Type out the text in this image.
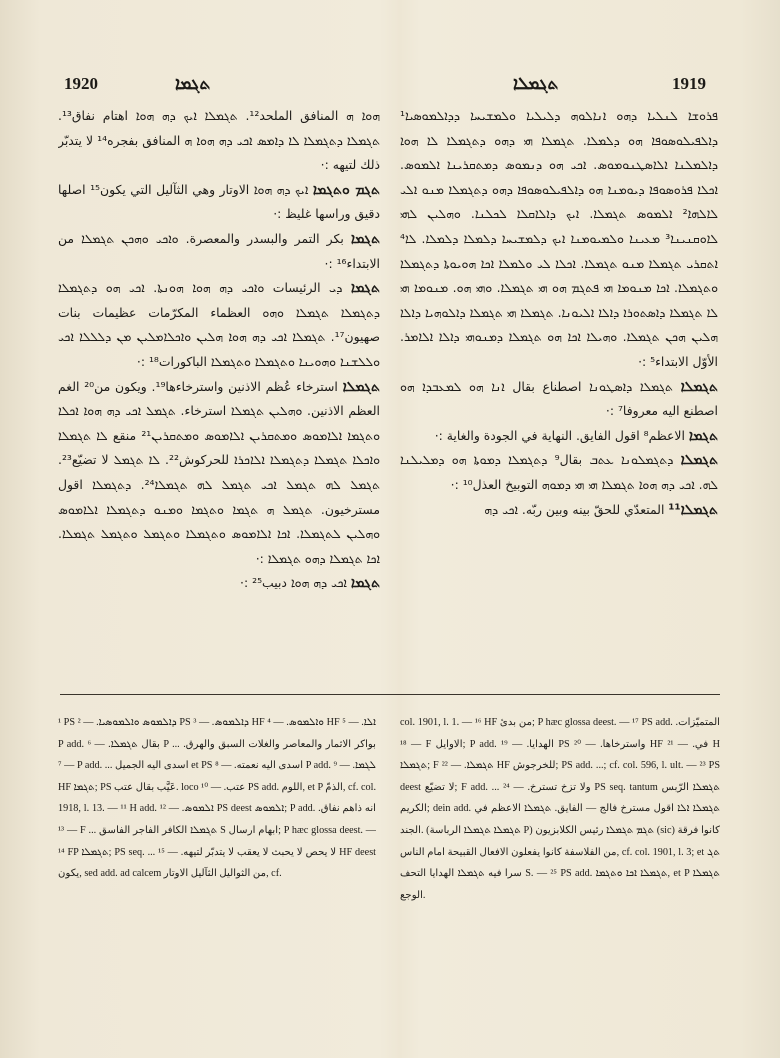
1920	ܬܓܡܐ	ܬܓܡܠܐ	1919

ܦܪܘܫܐ ܠܢܠܝܐ ܕܗܘ ܐܢܐܠܘܗ ܕܠܝܠܝܐ ܘܠܡܫܝܚܐ ܕܕܐܠܡܘܣܝܐ¹ ܕܐܠܦܝܠܘܣܘܦܐ ܗܘ ܕܠܡܠܐ. ܬܓܡܠܐ ܗܝ ܕܗܘ ܕܬܓܡܠܐ ܠܐ ܗܘܐ ܕܐܠܡܠܢܐ ܐܠܐܣܛܢܘܡܘܣ. ܐܟܝ ܗܘ ܕܢܡܘܣ ܕܡܬܩܪܝܢܐ ܐܠܡܘܣ. ܐܟܠܐ ܦܪܘܣܘܦܐ ܕܝܘܡܢܐ ܗܘ ܕܐܠܦܝܠܘܣܘܦܐ ܕܗܘ ܕܬܓܡܠܐ ܡܢܘ ܐܠܝ ܠܐܠܗܐ² ܐܠܡܘܣ ܬܓܡܠܐ. ܐܝܟ ܕܐܠܐܩܠܐ ܠܟܠܢܐ. ܘܗܠܝܢ ܠܗܝ ܠܐܘܩܢܝܢܐ³ ܡܥܝܢܐ ܘܠܡܝܘܡܢܐ ܐܝܟ ܕܠܡܫܝܚܐ ܕܠܡܠܐ ܕܠܡܠܐ. ܠܐ⁴ ܐܬܩܪܝ ܬܓܡܠܐ ܡܢܘ ܬܓܡܠܐ. ܐܟܠܐ ܠܝ ܘܠܡܠܐ ܐܟܐ ܗܘܝܘܬܐ ܕܬܓܡܠܐ ܘܬܓܡܠܐ. ܐܟܐ ܡܢܘܡܐ ܗܝ ܦܬܓܡ ܗܘ ܗܝ ܬܓܡܠܐ. ܘܗܝ ܗܘ. ܡܢܘܡܐ ܗܝ ܠܐ ܬܓܡܠܐ ܕܐܣܬܘܪܐ ܕܐܠܐ ܐܠܝܘܢܐ. ܬܓܡܠܐ ܗܝ ܬܓܡܠܐ ܕܐܠܘܗܝܐ ܕܐܠܐ ܗܠܝܢ ܗܟܢ ܬܓܡܠܐ. ܘܗܝܠܐ ܐܟܐ ܗܘ ܬܓܡܠܐ ܕܡܢܘܗܝ ܕܐܠܐ ܐܠܐܡܪ. الأوّل الابتداء⁵ :·

ܬܓܡܠܐ ܬܓܡܠܐ ܕܐܣܛܘܢܐ اصطناع بقال ܐܢܐ ܗܘ ܠܡܥܒܕܐ ܗܘ اصطنع اليه معروفا⁷ :·

ܬܓܡܐ الاعظم⁸ اقول الفايق. النهاية في الجودة والغاية :·

ܬܓܡܠܐ ܕܬܓܡܠܘܢܐ ܥܬܒ بقال⁹ ܕܬܓܡܠܐ ܕܡܘܬܐ ܗܘ ܕܡܠܝܠܢܐ ܠܗ. ܐܟܝ ܕܗ ܗܘܐ ܬܓܡܠܐ ܗܝ ܗܝ ܕܡܘܗ التوبيخ العذل¹⁰ :·

ܬܓܡܠܐ¹¹ المتعدّي للحقّ بينه وبين ربّه. ܐܟܝ ܕܗ

ܗܘܐ ܗ المنافق الملحد¹². ܬܓܡܠܐ ܐܝܟ ܕܗ ܗܘܐ اهتام نفاق¹³. ܬܓܡܠܐ ܕܬܓܡܠܐ ܠܐ ܕܐܡܣ ܐܟܝ ܕܗ ܗܘܐ ܗ المنافق بفجره¹⁴ لا يتدبّر ذلك لتيهه :·

ܬܓܡ ܘܬܓܡܐ ܐܝܟ ܕܗ ܗܘܐ الاوتار وهي الثآليل التي يكون¹⁵ اصلها دقيق وراسها غليظ :·

ܬܓܡܐ بكر التمر والبسدر والمعصرة. ܘܐܟܝ ܘܗܟܢ ܬܓܡܠܐ من الابتداء¹⁶ :·

ܬܓܡܐ ܕܝ الرئيسات ܘܐܟܝ ܕܗ ܗܘܐ ܗܘܢܬܐ. ܐܟܝ ܗܘ ܕܬܓܡܠܐ ܕܬܓܡܠܐ ܬܓܡܠܐ ܘܗܘ العظماء المكرّمات عظيمات بنات صهيون¹⁷. ܬܓܡܠܐ ܐܟܝ ܕܗ ܗܘܐ ܗܠܝܢ ܘܐܟܠܐܡܠܝܢ ܡܢ ܕܠܠܠܐ ܐܟܝ ܘܠܠܫܢܐ ܘܗܘܝܢܐ ܘܬܓܡܠܐ ܘܬܓܡܠܐ الباكورات¹⁸ :·

ܬܓܡܠܐ استرخاء عُظم الاذنين واسترخاءها¹⁹. ويكون من²⁰ الغم العظم الاذنين. ܘܗܠܝܢ ܬܓܡܠܐ استرخاء. ܬܓܡܠ ܐܟܝ ܕܗ ܗܘܐ ܐܟܠܐ ܘܬܓܡܐ ܐܠܐܡܘܣ ܘܡܬܩܪܝܢ ܐܠܐܡܘܣ ܘܡܬܩܪܝܢ²¹ منقع ܠܐ ܬܓܡܠܐ ܘܐܟܠܐ ܬܓܡܠܐ ܕܬܓܡܠܐ ܐܠܐܟܪܐ للحركوش²². ܠܐ ܬܓܡܠ لا تضيّع²³. ܬܓܡܠ ܠܗ ܬܓܡܠ ܐܟܝ ܬܓܡܠ ܠܗ ܬܓܡܠܐ²⁴. ܕܬܓܡܠܐ اقول مسترخيون. ܬܓܡܠ ܗ ܬܓܡܐ ܘܬܓܡܐ ܘܡܢܘ ܕܬܓܡܠܐ ܐܠܐܡܘܣ ܘܗܠܝܢ ܠܬܓܡܠܐ. ܐܟܐ ܐܠܐܡܘܣ ܘܬܓܡܠܐ ܘܬܓܡܠ ܘܬܓܡܠ ܬܓܡܠܐ. ܐܟܐ ܬܓܡܠܐ ܕܗܘ ܬܓܡܠܐ :·

ܬܓܡܐ ܐܟܝ ܕܗ ܗܘܐ دبيب²⁵ :·

¹ PS ܕܐܠܡܘܣ ܘܐܠܡܘܣܝܐ. — ² PS ܕܐܠܡܘܣ. — ³ HF ܘܐܠܡܘܣ. — ⁴ HF ܐܠܐ. — ⁵ P add. بقال ܬܓܡܠܐ. — ⁶ P ... بواكر الاثمار والمعاصر والغلات السبق والهرق. — ⁷ P add. ... اسدى اليه الجميل et PS اسدى اليه نعمته. — ⁸ P add. ܠܓܡܐ. — ⁹ HF ܬܓܡܐ; PS عَيَّب بقال عتب. loco عتب. — ¹⁰ PS add. اللوم, et P الذمّ, cf. col. 1918, l. 13. — ¹¹ H add. ܐܠܡܘܣ. — ¹² PS deest ܐܠܡܘܣ; P add. انه ذاهم نفاق. — ¹³ F ... ܬܓܡܠܐ الكافر الفاجر الفاسق S ابهام ارسال; P hæc glossa deest. — ¹⁴ FP ܬܓܡܠܐ; PS seq. ... لا يحص لا يحبث لا يعقب لا يتدبّر لتيهه. — ¹⁵ HF deest يكون, sed add. ad calcem من الثواليل الثآليل الاوتار, cf.

col. 1901, l. 1. — ¹⁶ HF من بدئ; P hæc glossa deest. — ¹⁷ PS add. المتميّزات. — ¹⁸ F الاوايل; P add. الهدايا. — ¹⁹ PS واسترخاها. — ²⁰ HF في. — ²¹ H ܬܓܡܠܐ; F ܬܓܡܠܐ. — ²² HF للخرجوش; PS add. ...; cf. col. 596, l. ult. — ²³ PS deest لا تضيّع; F add. ... ولا تزخ تسترخ. — ²⁴ PS seq. tantum ܬܓܡܠܐ الرّبس الكريم; dein add. ܬܓܡܠܐ ܐܠܐ اقول مسترخ فالج — الفايق. ܬܓܡܠܐ الاعظم في الجند. (ܬܓܡܠܐ ܬܓܡܠܐ الرباسة P) ܬܓܡ ܬܓܡܠܐ رئيس الكلابزيون (sic) كانوا فرقة من الفلاسفة كانوا يفعلون الافعال القبيحة امام الناس, cf. col. 1901, l. 3; et ܬܓ سرا فيه ܬܓܡܠܐ الهدايا التحف S. — ²⁵ PS add. ܬܓܡܠܐ ܐܟܐ ܘܬܓܡܐ, et P ܬܓܡܠܐ الوجع.
